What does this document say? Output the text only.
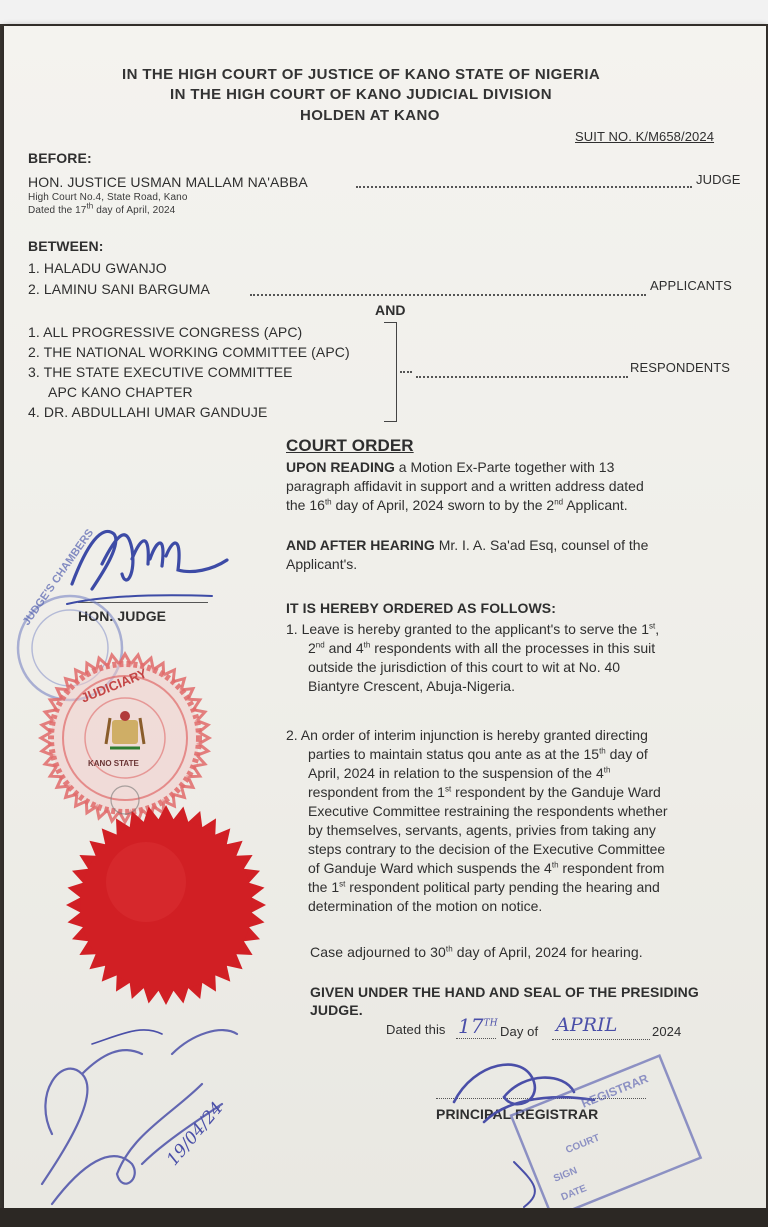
IN THE HIGH COURT OF JUSTICE OF KANO STATE OF NIGERIA
IN THE HIGH COURT OF KANO JUDICIAL DIVISION
HOLDEN AT KANO
SUIT NO. K/M658/2024
BEFORE:
HON. JUSTICE USMAN MALLAM NA'ABBA	JUDGE
High Court No.4, State Road, Kano
Dated the 17th day of April, 2024
BETWEEN:
1. HALADU GWANJO
2. LAMINU SANI BARGUMA	APPLICANTS
AND
1. ALL PROGRESSIVE CONGRESS (APC)
2. THE NATIONAL WORKING COMMITTEE (APC)
3. THE STATE EXECUTIVE COMMITTEE
APC KANO CHAPTER
4. DR. ABDULLAHI UMAR GANDUJE
RESPONDENTS
COURT ORDER
UPON READING a Motion Ex-Parte together with 13
paragraph affidavit in support and a written address dated
the 16th day of April, 2024 sworn to by the 2nd Applicant.
AND AFTER HEARING Mr. I. A. Sa'ad Esq, counsel of the
Applicant's.
IT IS HEREBY ORDERED AS FOLLOWS:
1. Leave is hereby granted to the applicant's to serve the 1st,
2nd and 4th respondents with all the processes in this suit
outside the jurisdiction of this court to wit at No. 40
Biantyre Crescent, Abuja-Nigeria.
2. An order of interim injunction is hereby granted directing
parties to maintain status qou ante as at the 15th day of
April, 2024 in relation to the suspension of the 4th
respondent from the 1st respondent by the Ganduje Ward
Executive Committee restraining the respondents whether
by themselves, servants, agents, privies from taking any
steps contrary to the decision of the Executive Committee
of Ganduje Ward which suspends the 4th respondent from
the 1st respondent political party pending the hearing and
determination of the motion on notice.
Case adjourned to 30th day of April, 2024 for hearing.
GIVEN UNDER THE HAND AND SEAL OF THE PRESIDING
JUDGE.
Dated this 17TH
Day of APRIL	2024
PRINCIPAL REGISTRAR
HON. JUDGE
JUDGE'S CHAMBERS
JUDICIARY
KANO STATE
19/04/24
REGISTRAR
COURT
SIGN
DATE
